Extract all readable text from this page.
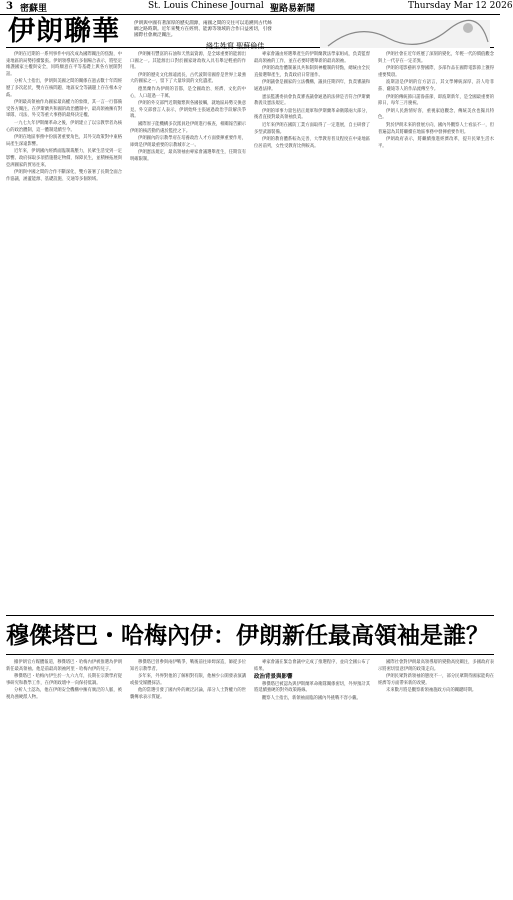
3 密蘇里	St. Louis Chinese Journal 聖路易新聞	Thursday Mar 12 2026
伊朗聯華	伊朗與中國有著深厚的歷史淵源，兩國之間的交往可以追溯到古代絲綢之路時期。近年來雙方在經貿、能源等領域的合作日益密切，引發國際社會廣泛關注。
綫生姓寫 聖蘇倫佳

伊朗在近期的一系列事件中再次成為國際關注的焦點，中東地區的局勢持續緊張。伊朗領導層在多個場合表示，將堅定維護國家主權與安全，同時願意在平等基礎上與各方展開對話。

分析人士指出，伊朗與美國之間的關係在過去數十年間經歷了多次起伏，雙方在核問題、地區安全等議題上存在根本分歧。

伊朗最高領袖作為國家最高權力的象徵，其一言一行都備受各方關注。在伊斯蘭共和國的政治體制中，最高領袖擁有對軍隊、司法、外交等重大事務的最終決定權。

一九七九年伊斯蘭革命之後，伊朗建立了以宗教學者為核心的政治體制，這一體制延續至今。

伊朗在地區事務中扮演著重要角色，其外交政策對中東格局產生深遠影響。

近年來，伊朗國內經濟面臨制裁壓力，民眾生活受到一定影響。政府採取多項措施穩定物價、保障民生，並積極拓展與亞洲國家的貿易往來。

伊朗與中國之間的合作不斷深化，雙方簽署了長期全面合作協議，涵蓋能源、基礎設施、交通等多個領域。

伊朗擁有豐富的石油和天然氣資源，是全球重要的能源出口國之一。其能源出口對於國家財政收入具有舉足輕重的作用。

伊朗的歷史文化源遠流長，古代波斯帝國曾是世界上最強大的國家之一，留下了大量珍貴的文化遺產。

德黑蘭作為伊朗的首都，是全國政治、經濟、文化的中心，人口超過一千萬。

伊朗的外交部門近期頻繁與各國接觸，就地區局勢交換意見。外交部發言人表示，伊朗始終主張通過政治手段解決爭端。

國際原子能機構多次派員赴伊朗進行核查，相關報告顯示伊朗的核活動仍處於監控之下。

伊朗國內的宗教學府在培養政治人才方面發揮重要作用，庫姆是伊朗最重要的宗教城市之一。

伊朗憲法規定，最高領袖由專家會議選舉產生，任期沒有明確限制。

專家會議由經選舉產生的伊斯蘭教法學家組成，負責監督最高領袖的工作，並在必要時選舉新的最高領袖。

伊朗的政治體制兼具共和制與神權制的特點，總統由全民直接選舉產生，負責政府日常運作。

伊朗議會是國家的立法機構，議員任期四年，負責審議和通過法律。

憲法監護委員會負責審查議會通過的法律是否符合伊斯蘭教義及憲法規定。

伊朗的軍事力量包括正規軍和伊斯蘭革命衛隊兩大部分，後者直接對最高領袖負責。

近年來伊朗在國防工業方面取得了一定進展，自主研發了多型武器裝備。

伊朗的教育體系較為完善，大學教育普及程度在中東地區位居前列，女性受教育比例較高。

伊朗社會在近年經歷了深刻的變化，年輕一代的價值觀念與上一代存在一定差異。

伊朗的電影藝術享譽國際，多部作品在國際電影節上獲得重要獎項。

波斯語是伊朗的官方語言，其文學傳統深厚，詩人哈菲茲、薩迪等人的作品流傳至今。

伊朗的傳統節日諾魯茲節，即波斯新年，是全國最重要的節日，每年三月慶祝。

伊朗人民熱情好客，重視家庭觀念，傳統美食也獨具特色。

對於伊朗未來的發展方向，國內外觀察人士看法不一，但普遍認為其將繼續在地區事務中發揮重要作用。

伊朗政府表示，將繼續推進經濟改革，提升民眾生活水平。

穆傑塔巴・哈梅內伊：伊朗新任最高領袖是誰？

據伊朗官方媒體報道，穆傑塔巴・哈梅內伊被推選為伊朗新任最高領袖。他是前最高領袖阿里・哈梅內伊的兒子。

穆傑塔巴・哈梅內伊生於一九六九年，長期在宗教學府從事研究和教學工作，在伊朗政壇中一向保持低調。

分析人士認為，他在伊朗安全機構中擁有廣泛的人脈，被視為強硬派人物。

穆傑塔巴曾參與兩伊戰爭，戰後前往庫姆深造，師從多位知名宗教學者。

多年來，外界對他的了解相對有限，他極少公開發表演講或接受媒體採訪。

他的當選引發了國內外的廣泛討論，部分人士對權力的世襲傳承表示質疑。

專家會議在緊急會議中完成了推選程序，並向全國公布了結果。

政治背景與影響

穆傑塔巴被認為與伊斯蘭革命衛隊關係密切，外界預計其將延續強硬的對外政策路線。

觀察人士指出，新領袖面臨的國內外挑戰不容小覷。

國際社會對伊朗最高領導層的變動高度關注，多國政府表示將密切留意伊朗的政策走向。

伊朗民眾對新領袖的態度不一，部分民眾期待國家能夠在經濟等方面帶來新的改變。

未來數月將是觀察新領袖施政方向的關鍵時期。
